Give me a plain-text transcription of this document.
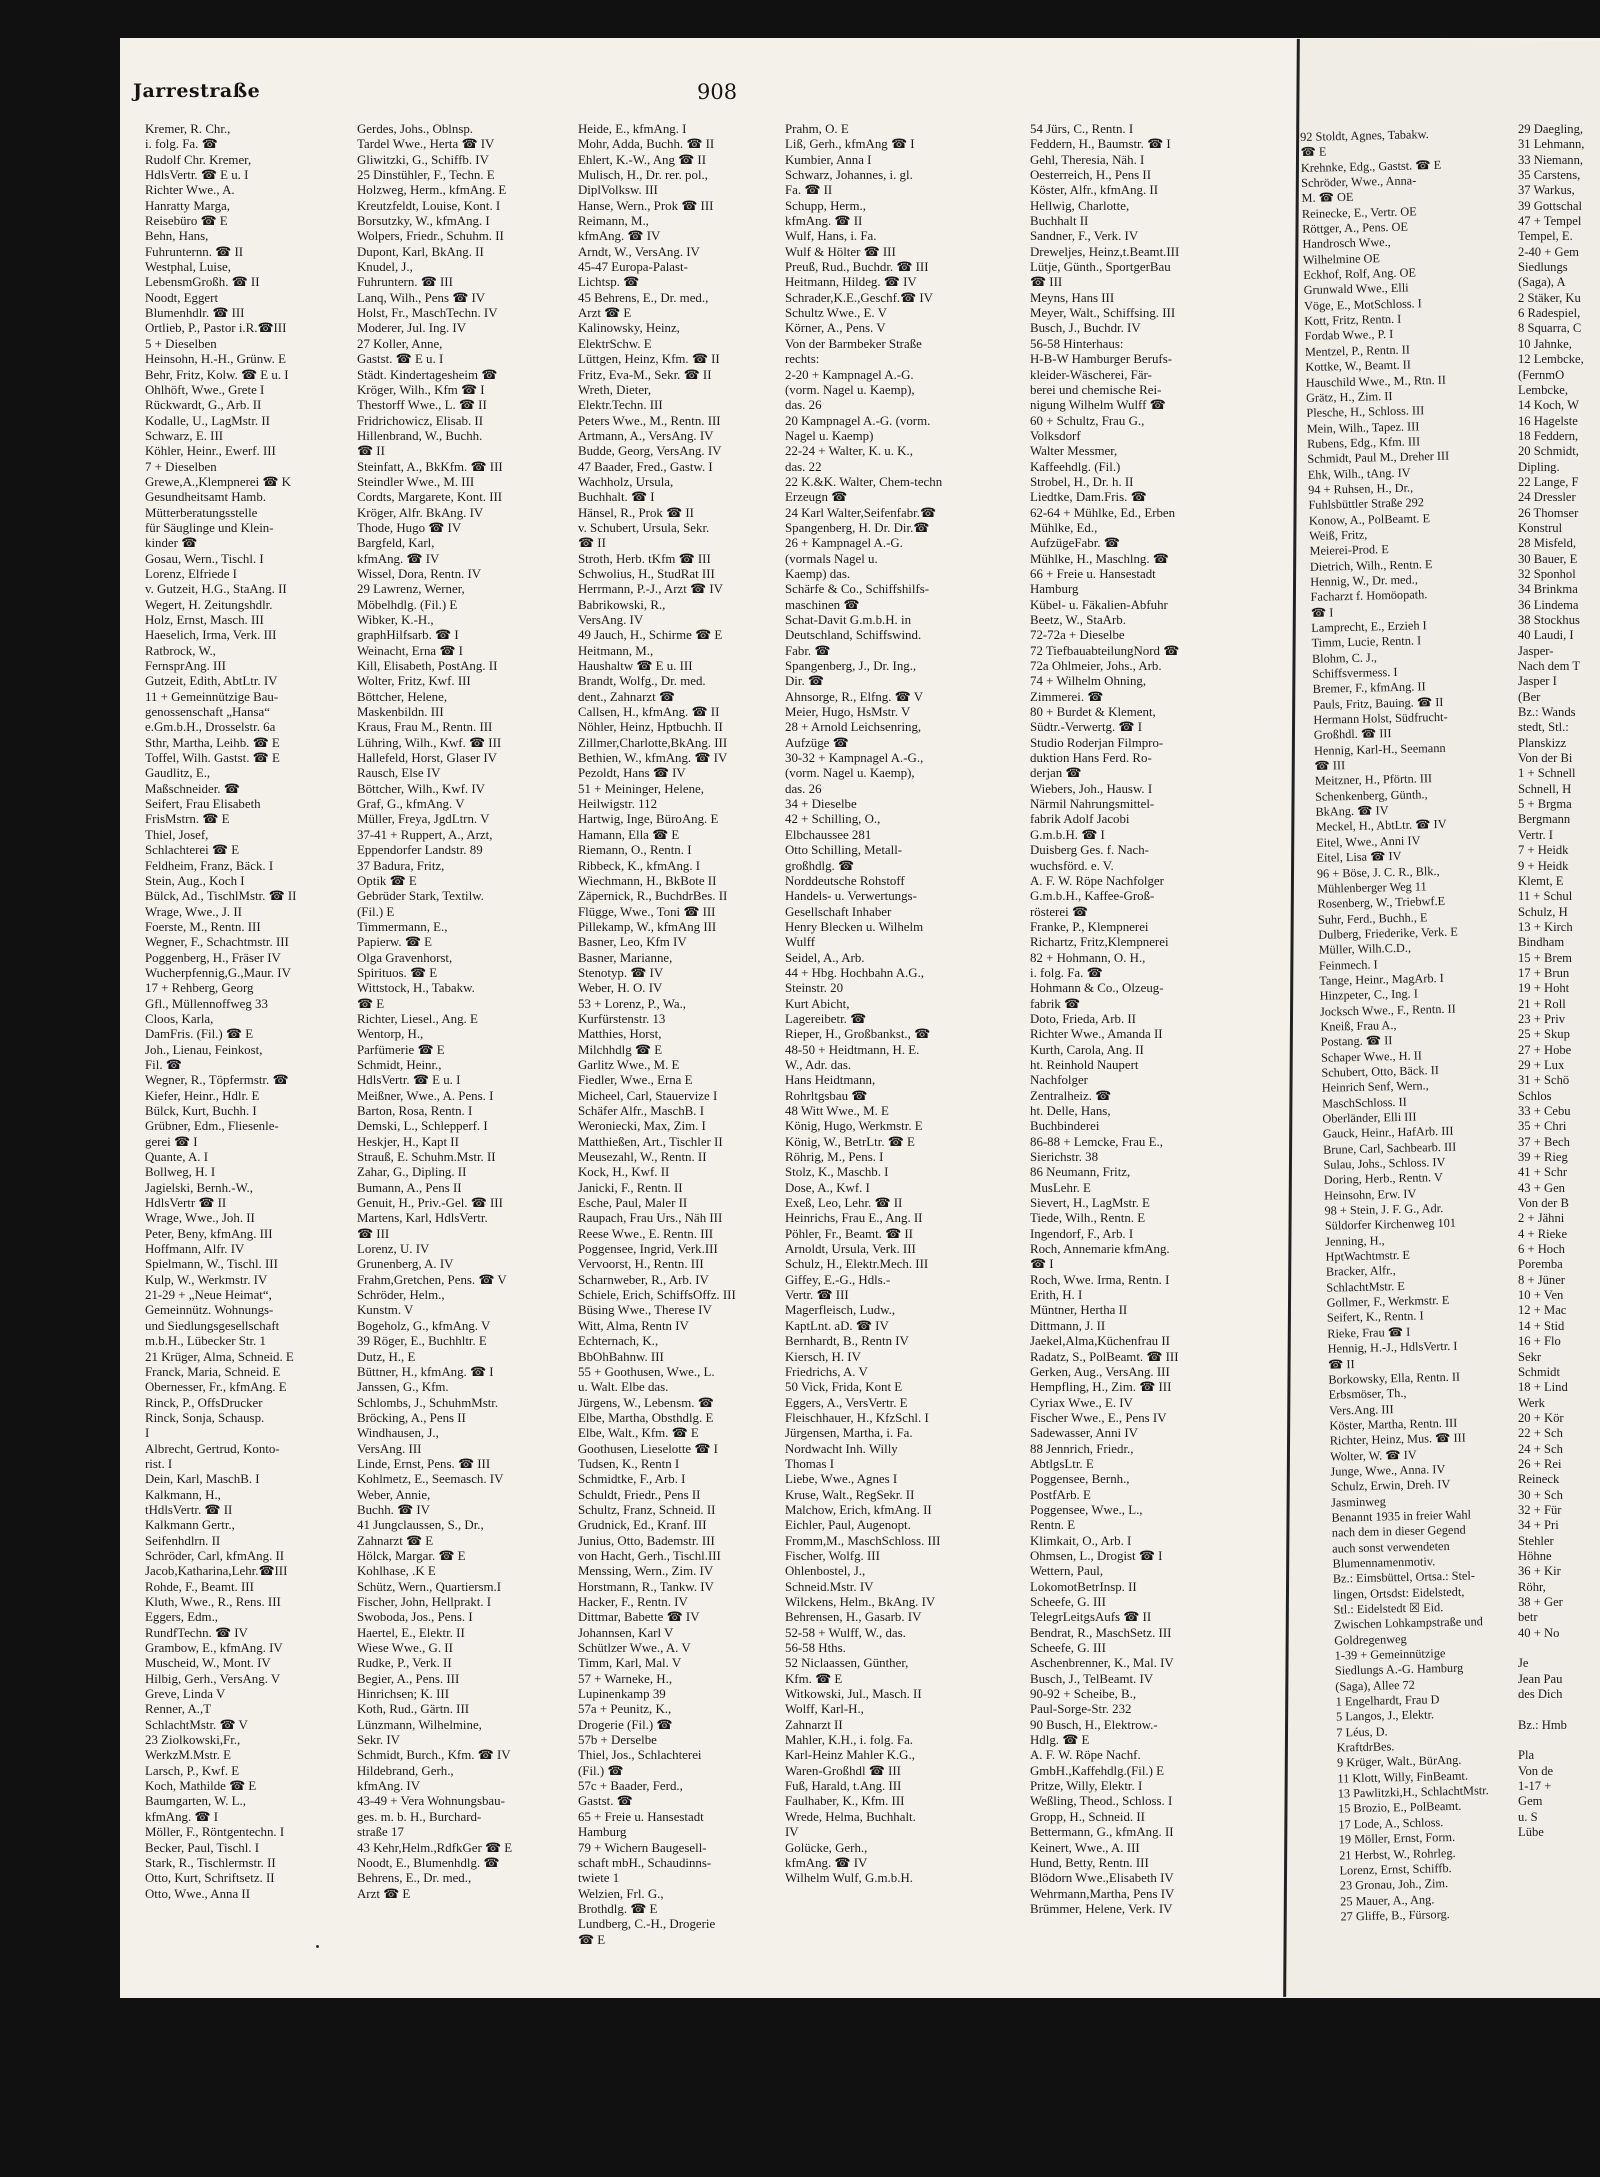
Jarrestraße	908
Kremer, R. Chr.,
i. folg. Fa. ☎
Rudolf Chr. Kremer,
HdlsVertr. ☎ E u. I
Richter Wwe., A.
Hanratty Marga,
Reisebüro ☎ E
Behn, Hans,
Fuhrunternn. ☎ II
Westphal, Luise,
LebensmGroßh. ☎ II
Noodt, Eggert
Blumenhdlr. ☎ III
Ortlieb, P., Pastor i.R.☎III
5 + Dieselben
Heinsohn, H.-H., Grünw. E
Behr, Fritz, Kolw. ☎ E u. I
Ohlhöft, Wwe., Grete I
Rückwardt, G., Arb. II
Kodalle, U., LagMstr. II
Schwarz, E. III
Köhler, Heinr., Ewerf. III
7 + Dieselben
Grewe,A.,Klempnerei ☎ K
Gesundheitsamt Hamb.
Mütterberatungsstelle
für Säuglinge und Klein-
kinder ☎
Gosau, Wern., Tischl. I
Lorenz, Elfriede I
v. Gutzeit, H.G., StaAng. II
Wegert, H. Zeitungshdlr.
Holz, Ernst, Masch. III
Haeselich, Irma, Verk. III
Ratbrock, W.,
FernsprAng. III
Gutzeit, Edith, AbtLtr. IV
11 + Gemeinnützige Bau-
genossenschaft „Hansa“
e.Gm.b.H., Drosselstr. 6a
Sthr, Martha, Leihb. ☎ E
Toffel, Wilh. Gastst. ☎ E
Gaudlitz, E.,
Maßschneider. ☎
Seifert, Frau Elisabeth
FrisMstrn. ☎ E
Thiel, Josef,
Schlachterei ☎ E
Feldheim, Franz, Bäck. I
Stein, Aug., Koch I
Bülck, Ad., TischlMstr. ☎ II
Wrage, Wwe., J. II
Foerste, M., Rentn. III
Wegner, F., Schachtmstr. III
Poggenberg, H., Fräser IV
Wucherpfennig,G.,Maur. IV
17 + Rehberg, Georg
Gfl., Müllennoffweg 33
Cloos, Karla,
DamFris. (Fil.) ☎ E
Joh., Lienau, Feinkost,
Fil. ☎
Wegner, R., Töpfermstr. ☎
Kiefer, Heinr., Hdlr. E
Bülck, Kurt, Buchh. I
Grübner, Edm., Fliesenle-
gerei ☎ I
Quante, A. I
Bollweg, H. I
Jagielski, Bernh.-W.,
HdlsVertr ☎ II
Wrage, Wwe., Joh. II
Peter, Beny, kfmAng. III
Hoffmann, Alfr. IV
Spielmann, W., Tischl. III
Kulp, W., Werkmstr. IV
21-29 + „Neue Heimat“,
Gemeinnütz. Wohnungs-
und Siedlungsgesellschaft
m.b.H., Lübecker Str. 1
21 Krüger, Alma, Schneid. E
Franck, Maria, Schneid. E
Obernesser, Fr., kfmAng. E
Rinck, P., OffsDrucker
Rinck, Sonja, Schausp.
I
Albrecht, Gertrud, Konto-
rist. I
Dein, Karl, MaschB. I
Kalkmann, H.,
tHdlsVertr. ☎ II
Kalkmann Gertr.,
Seifenhdlrn. II
Schröder, Carl, kfmAng. II
Jacob,Katharina,Lehr.☎III
Rohde, F., Beamt. III
Kluth, Wwe., R., Rens. III
Eggers, Edm.,
RundfTechn. ☎ IV
Grambow, E., kfmAng. IV
Muscheid, W., Mont. IV
Hilbig, Gerh., VersAng. V
Greve, Linda V
Renner, A.,T
SchlachtMstr. ☎ V
23 Ziolkowski,Fr.,
WerkzM.Mstr. E
Larsch, P., Kwf. E
Koch, Mathilde ☎ E
Baumgarten, W. L.,
kfmAng. ☎ I
Möller, F., Röntgentechn. I
Becker, Paul, Tischl. I
Stark, R., Tischlermstr. II
Otto, Kurt, Schriftsetz. II
Otto, Wwe., Anna II
Gerdes, Johs., Oblnsp.
Tardel Wwe., Herta ☎ IV
Gliwitzki, G., Schiffb. IV
25 Dinstühler, F., Techn. E
Holzweg, Herm., kfmAng. E
Kreutzfeldt, Louise, Kont. I
Borsutzky, W., kfmAng. I
Wolpers, Friedr., Schuhm. II
Dupont, Karl, BkAng. II
Knudel, J.,
Fuhruntern. ☎ III
Lanq, Wilh., Pens ☎ IV
Holst, Fr., MaschTechn. IV
Moderer, Jul. Ing. IV
27 Koller, Anne,
Gastst. ☎ E u. I
Städt. Kindertagesheim ☎
Kröger, Wilh., Kfm ☎ I
Thestorff Wwe., L. ☎ II
Fridrichowicz, Elisab. II
Hillenbrand, W., Buchh.
☎ II
Steinfatt, A., BkKfm. ☎ III
Steindler Wwe., M. III
Cordts, Margarete, Kont. III
Kröger, Alfr. BkAng. IV
Thode, Hugo ☎ IV
Bargfeld, Karl,
kfmAng. ☎ IV
Wissel, Dora, Rentn. IV
29 Lawrenz, Werner,
Möbelhdlg. (Fil.) E
Wibker, K.-H.,
graphHilfsarb. ☎ I
Weinacht, Erna ☎ I
Kill, Elisabeth, PostAng. II
Wolter, Fritz, Kwf. III
Böttcher, Helene,
Maskenbildn. III
Kraus, Frau M., Rentn. III
Lühring, Wilh., Kwf. ☎ III
Hallefeld, Horst, Glaser IV
Rausch, Else IV
Böttcher, Wilh., Kwf. IV
Graf, G., kfmAng. V
Müller, Freya, JgdLtrn. V
37-41 + Ruppert, A., Arzt,
Eppendorfer Landstr. 89
37 Badura, Fritz,
Optik ☎ E
Gebrüder Stark, Textilw.
(Fil.) E
Timmermann, E.,
Papierw. ☎ E
Olga Gravenhorst,
Spirituos. ☎ E
Wittstock, H., Tabakw.
☎ E
Richter, Liesel., Ang. E
Wentorp, H.,
Parfümerie ☎ E
Schmidt, Heinr.,
HdlsVertr. ☎ E u. I
Meißner, Wwe., A. Pens. I
Barton, Rosa, Rentn. I
Demski, L., Schlepperf. I
Heskjer, H., Kapt II
Strauß, E. Schuhm.Mstr. II
Zahar, G., Dipling. II
Bumann, A., Pens II
Genuit, H., Priv.-Gel. ☎ III
Martens, Karl, HdlsVertr.
☎ III
Lorenz, U. IV
Grunenberg, A. IV
Frahm,Gretchen, Pens. ☎ V
Schröder, Helm.,
Kunstm. V
Bogeholz, G., kfmAng. V
39 Röger, E., Buchhltr. E
Dutz, H., E
Büttner, H., kfmAng. ☎ I
Janssen, G., Kfm.
Schlombs, J., SchuhmMstr.
Bröcking, A., Pens II
Windhausen, J.,
VersAng. III
Linde, Ernst, Pens. ☎ III
Kohlmetz, E., Seemasch. IV
Weber, Annie,
Buchh. ☎ IV
41 Jungclaussen, S., Dr.,
Zahnarzt ☎ E
Hölck, Margar. ☎ E
Kohlhase, .K E
Schütz, Wern., Quartiersm.I
Fischer, John, Hellprakt. I
Swoboda, Jos., Pens. I
Haertel, E., Elektr. II
Wiese Wwe., G. II
Rudke, P., Verk. II
Begier, A., Pens. III
Hinrichsen; K. III
Koth, Rud., Gärtn. III
Lünzmann, Wilhelmine,
Sekr. IV
Schmidt, Burch., Kfm. ☎ IV
Hildebrand, Gerh.,
kfmAng. IV
43-49 + Vera Wohnungsbau-
ges. m. b. H., Burchard-
straße 17
43 Kehr,Helm.,RdfkGer ☎ E
Noodt, E., Blumenhdlg. ☎
Behrens, E., Dr. med.,
Arzt ☎ E
Heide, E., kfmAng. I
Mohr, Adda, Buchh. ☎ II
Ehlert, K.-W., Ang ☎ II
Mulisch, H., Dr. rer. pol.,
DiplVolksw. III
Hanse, Wern., Prok ☎ III
Reimann, M.,
kfmAng. ☎ IV
Arndt, W., VersAng. IV
45-47 Europa-Palast-
Lichtsp. ☎
45 Behrens, E., Dr. med.,
Arzt ☎ E
Kalinowsky, Heinz,
ElektrSchw. E
Lüttgen, Heinz, Kfm. ☎ II
Fritz, Eva-M., Sekr. ☎ II
Wreth, Dieter,
Elektr.Techn. III
Peters Wwe., M., Rentn. III
Artmann, A., VersAng. IV
Budde, Georg, VersAng. IV
47 Baader, Fred., Gastw. I
Wachholz, Ursula,
Buchhalt. ☎ I
Hänsel, R., Prok ☎ II
v. Schubert, Ursula, Sekr.
☎ II
Stroth, Herb. tKfm ☎ III
Schwolius, H., StudRat III
Herrmann, P.-J., Arzt ☎ IV
Babrikowski, R.,
VersAng. IV
49 Jauch, H., Schirme ☎ E
Heitmann, M.,
Haushaltw ☎ E u. III
Brandt, Wolfg., Dr. med.
dent., Zahnarzt ☎
Callsen, H., kfmAng. ☎ II
Nöhler, Heinz, Hptbuchh. II
Zillmer,Charlotte,BkAng. III
Bethien, W., kfmAng. ☎ IV
Pezoldt, Hans ☎ IV
51 + Meininger, Helene,
Heilwigstr. 112
Hartwig, Inge, BüroAng. E
Hamann, Ella ☎ E
Riemann, O., Rentn. I
Ribbeck, K., kfmAng. I
Wiechmann, H., BkBote II
Zäpernick, R., BuchdrBes. II
Flügge, Wwe., Toni ☎ III
Pillekamp, W., kfmAng III
Basner, Leo, Kfm IV
Basner, Marianne,
Stenotyp. ☎ IV
Weber, H. O. IV
53 + Lorenz, P., Wa.,
Kurfürstenstr. 13
Matthies, Horst,
Milchhdlg ☎ E
Garlitz Wwe., M. E
Fiedler, Wwe., Erna E
Micheel, Carl, Stauervize I
Schäfer Alfr., MaschB. I
Weroniecki, Max, Zim. I
Matthießen, Art., Tischler II
Meusezahl, W., Rentn. II
Kock, H., Kwf. II
Janicki, F., Rentn. II
Esche, Paul, Maler II
Raupach, Frau Urs., Näh III
Reese Wwe., E. Rentn. III
Poggensee, Ingrid, Verk.III
Vervoorst, H., Rentn. III
Scharnweber, R., Arb. IV
Schiele, Erich, SchiffsOffz. III
Büsing Wwe., Therese IV
Witt, Alma, Rentn IV
Echternach, K.,
BbOhBahnw. III
55 + Goothusen, Wwe., L.
u. Walt. Elbe das.
Jürgens, W., Lebensm. ☎
Elbe, Martha, Obsthdlg. E
Elbe, Walt., Kfm. ☎ E
Goothusen, Lieselotte ☎ I
Tudsen, K., Rentn I
Schmidtke, F., Arb. I
Schuldt, Friedr., Pens II
Schultz, Franz, Schneid. II
Grudnick, Ed., Kranf. III
Junius, Otto, Bademstr. III
von Hacht, Gerh., Tischl.III
Menssing, Wern., Zim. IV
Horstmann, R., Tankw. IV
Hacker, F., Rentn. IV
Dittmar, Babette ☎ IV
Johannsen, Karl V
Schütlzer Wwe., A. V
Timm, Karl, Mal. V
57 + Warneke, H.,
Lupinenkamp 39
57a + Peunitz, K.,
Drogerie (Fil.) ☎
57b + Derselbe
Thiel, Jos., Schlachterei
(Fil.) ☎
57c + Baader, Ferd.,
Gastst. ☎
65 + Freie u. Hansestadt
Hamburg
79 + Wichern Baugesell-
schaft mbH., Schaudinns-
twiete 1
Welzien, Frl. G.,
Brothdlg. ☎ E
Lundberg, C.-H., Drogerie
☎ E
Prahm, O. E
Liß, Gerh., kfmAng ☎ I
Kumbier, Anna I
Schwarz, Johannes, i. gl.
Fa. ☎ II
Schupp, Herm.,
kfmAng. ☎ II
Wulf, Hans, i. Fa.
Wulf & Hölter ☎ III
Preuß, Rud., Buchdr. ☎ III
Heitmann, Hildeg. ☎ IV
Schrader,K.E.,Geschf.☎ IV
Schultz Wwe., E. V
Körner, A., Pens. V
Von der Barmbeker Straße
rechts:
2-20 + Kampnagel A.-G.
(vorm. Nagel u. Kaemp),
das. 26
20 Kampnagel A.-G. (vorm.
Nagel u. Kaemp)
22-24 + Walter, K. u. K.,
das. 22
22 K.&K. Walter, Chem-techn
Erzeugn ☎
24 Karl Walter,Seifenfabr.☎
Spangenberg, H. Dr. Dir.☎
26 + Kampnagel A.-G.
(vormals Nagel u.
Kaemp) das.
Schärfe & Co., Schiffshilfs-
maschinen ☎
Schat-Davit G.m.b.H. in
Deutschland, Schiffswind.
Fabr. ☎
Spangenberg, J., Dr. Ing.,
Dir. ☎
Ahnsorge, R., Elfng. ☎ V
Meier, Hugo, HsMstr. V
28 + Arnold Leichsenring,
Aufzüge ☎
30-32 + Kampnagel A.-G.,
(vorm. Nagel u. Kaemp),
das. 26
34 + Dieselbe
42 + Schilling, O.,
Elbchaussee 281
Otto Schilling, Metall-
großhdlg. ☎
Norddeutsche Rohstoff
Handels- u. Verwertungs-
Gesellschaft Inhaber
Henry Blecken u. Wilhelm
Wulff
Seidel, A., Arb.
44 + Hbg. Hochbahn A.G.,
Steinstr. 20
Kurt Abicht,
Lagereibetr. ☎
Rieper, H., Großbankst., ☎
48-50 + Heidtmann, H. E.
W., Adr. das.
Hans Heidtmann,
Rohrltgsbau ☎
48 Witt Wwe., M. E
König, Hugo, Werkmstr. E
König, W., BetrLtr. ☎ E
Röhrig, M., Pens. I
Stolz, K., Maschb. I
Dose, A., Kwf. I
Exeß, Leo, Lehr. ☎ II
Heinrichs, Frau E., Ang. II
Pöhler, Fr., Beamt. ☎ II
Arnoldt, Ursula, Verk. III
Schulz, H., Elektr.Mech. III
Giffey, E.-G., Hdls.-
Vertr. ☎ III
Magerfleisch, Ludw.,
KaptLnt. aD. ☎ IV
Bernhardt, B., Rentn IV
Kiersch, H. IV
Friedrichs, A. V
50 Vick, Frida, Kont E
Eggers, A., VersVertr. E
Fleischhauer, H., KfzSchl. I
Jürgensen, Martha, i. Fa.
Nordwacht Inh. Willy
Thomas I
Liebe, Wwe., Agnes I
Kruse, Walt., RegSekr. II
Malchow, Erich, kfmAng. II
Eichler, Paul, Augenopt.
Fromm,M., MaschSchloss. III
Fischer, Wolfg. III
Ohlenbostel, J.,
Schneid.Mstr. IV
Wilckens, Helm., BkAng. IV
Behrensen, H., Gasarb. IV
52-58 + Wulff, W., das.
56-58 Hths.
52 Niclaassen, Günther,
Kfm. ☎ E
Witkowski, Jul., Masch. II
Wolff, Karl-H.,
Zahnarzt II
Mahler, K.H., i. folg. Fa.
Karl-Heinz Mahler K.G.,
Waren-Großhdl ☎ III
Fuß, Harald, t.Ang. III
Faulhaber, K., Kfm. III
Wrede, Helma, Buchhalt.
IV
Golücke, Gerh.,
kfmAng. ☎ IV
Wilhelm Wulf, G.m.b.H.
54 Jürs, C., Rentn. I
Feddern, H., Baumstr. ☎ I
Gehl, Theresia, Näh. I
Oesterreich, H., Pens II
Köster, Alfr., kfmAng. II
Hellwig, Charlotte,
Buchhalt II
Sandner, F., Verk. IV
Dreweljes, Heinz,t.Beamt.III
Lütje, Günth., SportgerBau
☎ III
Meyns, Hans III
Meyer, Walt., Schiffsing. III
Busch, J., Buchdr. IV
56-58 Hinterhaus:
H-B-W Hamburger Berufs-
kleider-Wäscherei, Fär-
berei und chemische Rei-
nigung Wilhelm Wulff ☎
60 + Schultz, Frau G.,
Volksdorf
Walter Messmer,
Kaffeehdlg. (Fil.)
Strobel, H., Dr. h. II
Liedtke, Dam.Fris. ☎
62-64 + Mühlke, Ed., Erben
Mühlke, Ed.,
AufzügeFabr. ☎
Mühlke, H., Maschlng. ☎
66 + Freie u. Hansestadt
Hamburg
Kübel- u. Fäkalien-Abfuhr
Beetz, W., StaArb.
72-72a + Dieselbe
72 TiefbauabteilungNord ☎
72a Ohlmeier, Johs., Arb.
74 + Wilhelm Ohning,
Zimmerei. ☎
80 + Burdet & Klement,
Südtr.-Verwertg. ☎ I
Studio Roderjan Filmpro-
duktion Hans Ferd. Ro-
derjan ☎
Wiebers, Joh., Hausw. I
Närmil Nahrungsmittel-
fabrik Adolf Jacobi
G.m.b.H. ☎ I
Duisberg Ges. f. Nach-
wuchsförd. e. V.
A. F. W. Röpe Nachfolger
G.m.b.H., Kaffee-Groß-
rösterei ☎
Franke, P., Klempnerei
Richartz, Fritz,Klempnerei
82 + Hohmann, O. H.,
i. folg. Fa. ☎
Hohmann & Co., Olzeug-
fabrik ☎
Doto, Frieda, Arb. II
Richter Wwe., Amanda II
Kurth, Carola, Ang. II
ht. Reinhold Naupert
Nachfolger
Zentralheiz. ☎
ht. Delle, Hans,
Buchbinderei
86-88 + Lemcke, Frau E.,
Sierichstr. 38
86 Neumann, Fritz,
MusLehr. E
Sievert, H., LagMstr. E
Tiede, Wilh., Rentn. E
Ingendorf, F., Arb. I
Roch, Annemarie kfmAng.
☎ I
Roch, Wwe. Irma, Rentn. I
Erith, H. I
Müntner, Hertha II
Dittmann, J. II
Jaekel,Alma,Küchenfrau II
Radatz, S., PolBeamt. ☎ III
Gerken, Aug., VersAng. III
Hempfling, H., Zim. ☎ III
Cyriax Wwe., E. IV
Fischer Wwe., E., Pens IV
Sadewasser, Anni IV
88 Jennrich, Friedr.,
AbtlgsLtr. E
Poggensee, Bernh.,
PostfArb. E
Poggensee, Wwe., L.,
Rentn. E
Klimkait, O., Arb. I
Ohmsen, L., Drogist ☎ I
Wettern, Paul,
LokomotBetrInsp. II
Scheefe, G. III
TelegrLeitgsAufs ☎ II
Bendrat, R., MaschSetz. III
Scheefe, G. III
Aschenbrenner, K., Mal. IV
Busch, J., TelBeamt. IV
90-92 + Scheibe, B.,
Paul-Sorge-Str. 232
90 Busch, H., Elektrow.-
Hdlg. ☎ E
A. F. W. Röpe Nachf.
GmbH.,Kaffehdlg.(Fil.) E
Pritze, Willy, Elektr. I
Weßling, Theod., Schloss. I
Gropp, H., Schneid. II
Bettermann, G., kfmAng. II
Keinert, Wwe., A. III
Hund, Betty, Rentn. III
Blödorn Wwe.,Elisabeth IV
Wehrmann,Martha, Pens IV
Brümmer, Helene, Verk. IV
92 Stoldt, Agnes, Tabakw.
☎ E
Krehnke, Edg., Gastst. ☎ E
Schröder, Wwe., Anna-
M. ☎ OE
Reinecke, E., Vertr. OE
Röttger, A., Pens. OE
Handrosch Wwe.,
Wilhelmine OE
Eckhof, Rolf, Ang. OE
Grunwald Wwe., Elli
Vöge, E., MotSchloss. I
Kott, Fritz, Rentn. I
Fordab Wwe., P. I
Mentzel, P., Rentn. II
Kottke, W., Beamt. II
Hauschild Wwe., M., Rtn. II
Grätz, H., Zim. II
Plesche, H., Schloss. III
Mein, Wilh., Tapez. III
Rubens, Edg., Kfm. III
Schmidt, Paul M., Dreher III
Ehk, Wilh., tAng. IV
94 + Ruhsen, H., Dr.,
Fuhlsbüttler Straße 292
Konow, A., PolBeamt. E
Weiß, Fritz,
Meierei-Prod. E
Dietrich, Wilh., Rentn. E
Hennig, W., Dr. med.,
Facharzt f. Homöopath.
☎ I
Lamprecht, E., Erzieh I
Timm, Lucie, Rentn. I
Blohm, C. J.,
Schiffsvermess. I
Bremer, F., kfmAng. II
Pauls, Fritz, Bauing. ☎ II
Hermann Holst, Südfrucht-
Großhdl. ☎ III
Hennig, Karl-H., Seemann
☎ III
Meitzner, H., Pförtn. III
Schenkenberg, Günth.,
BkAng. ☎ IV
Meckel, H., AbtLtr. ☎ IV
Eitel, Wwe., Anni IV
Eitel, Lisa ☎ IV
96 + Böse, J. C. R., Blk.,
Mühlenberger Weg 11
Rosenberg, W., Triebwf.E
Suhr, Ferd., Buchh., E
Dulberg, Friederike, Verk. E
Müller, Wilh.C.D.,
Feinmech. I
Tange, Heinr., MagArb. I
Hinzpeter, C., Ing. I
Jocksch Wwe., F., Rentn. II
Kneiß, Frau A.,
Postang. ☎ II
Schaper Wwe., H. II
Schubert, Otto, Bäck. II
Heinrich Senf, Wern.,
MaschSchloss. II
Oberländer, Elli III
Gauck, Heinr., HafArb. III
Brune, Carl, Sachbearb. III
Sulau, Johs., Schloss. IV
Doring, Herb., Rentn. V
Heinsohn, Erw. IV
98 + Stein, J. F. G., Adr.
Süldorfer Kirchenweg 101
Jenning, H.,
HptWachtmstr. E
Bracker, Alfr.,
SchlachtMstr. E
Gollmer, F., Werkmstr. E
Seifert, K., Rentn. I
Rieke, Frau ☎ I
Hennig, H.-J., HdlsVertr. I
☎ II
Borkowsky, Ella, Rentn. II
Erbsmöser, Th.,
Vers.Ang. III
Köster, Martha, Rentn. III
Richter, Heinz, Mus. ☎ III
Wolter, W. ☎ IV
Junge, Wwe., Anna. IV
Schulz, Erwin, Dreh. IV
Jasminweg
Benannt 1935 in freier Wahl
nach dem in dieser Gegend
auch sonst verwendeten
Blumennamenmotiv.
Bz.: Eimsbüttel, Ortsa.: Stel-
lingen, Ortsdst: Eidelstedt,
Stl.: Eidelstedt ☒ Eid.
Zwischen Lohkampstraße und
Goldregenweg
1-39 + Gemeinnützige
Siedlungs A.-G. Hamburg
(Saga), Allee 72
1 Engelhardt, Frau D
5 Langos, J., Elektr.
7 Léus, D.
KraftdrBes.
9 Krüger, Walt., BürAng.
11 Klott, Willy, FinBeamt.
13 Pawlitzki,H., SchlachtMstr.
15 Brozio, E., PolBeamt.
17 Lode, A., Schloss.
19 Möller, Ernst, Form.
21 Herbst, W., Rohrleg.
Lorenz, Ernst, Schiffb.
23 Gronau, Joh., Zim.
25 Mauer, A., Ang.
27 Gliffe, B., Fürsorg.
29 Daegling,
31 Lehmann,
33 Niemann,
35 Carstens,
37 Warkus,
39 Gottschal
47 + Tempel
Tempel, E.
2-40 + Gem
Siedlungs
(Saga), A
2 Stäker, Ku
6 Radespiel,
8 Squarra, C
10 Jahnke,
12 Lembcke,
(FernmO
Lembcke,
14 Koch, W
16 Hagelste
18 Feddern,
20 Schmidt,
Dipling.
22 Lange, F
24 Dressler
26 Thomser
Konstrul
28 Misfeld,
30 Bauer, E
32 Sponhol
34 Brinkma
36 Lindema
38 Stockhus
40 Laudi, I
Jasper-
Nach dem T
Jasper I
(Ber
Bz.: Wands
stedt, Stl.:
Planskizz
Von der Bi
1 + Schnell
Schnell, H
5 + Brgma
Bergmann
Vertr. I
7 + Heidk
9 + Heidk
Klemt, E
11 + Schul
Schulz, H
13 + Kirch
Bindham
15 + Brem
17 + Brun
19 + Hoht
21 + Roll
23 + Priv
25 + Skup
27 + Hobe
29 + Lux
31 + Schö
Schlos
33 + Cebu
35 + Chri
37 + Bech
39 + Rieg
41 + Schr
43 + Gen
Von der B
2 + Jähni
4 + Rieke
6 + Hoch
Poremba
8 + Jüner
10 + Ven
12 + Mac
14 + Stid
16 + Flo
Sekr
Schmidt
18 + Lind
Werk
20 + Kör
22 + Sch
24 + Sch
26 + Rei
Reineck
30 + Sch
32 + Für
34 + Pri
Stehler
Höhne
36 + Kir
Röhr,
38 + Ger
betr
40 + No
Je
Jean Pau
des Dich
Bz.: Hmb
Pla
Von de
1-17 +
Gem
u. S
Lübe
